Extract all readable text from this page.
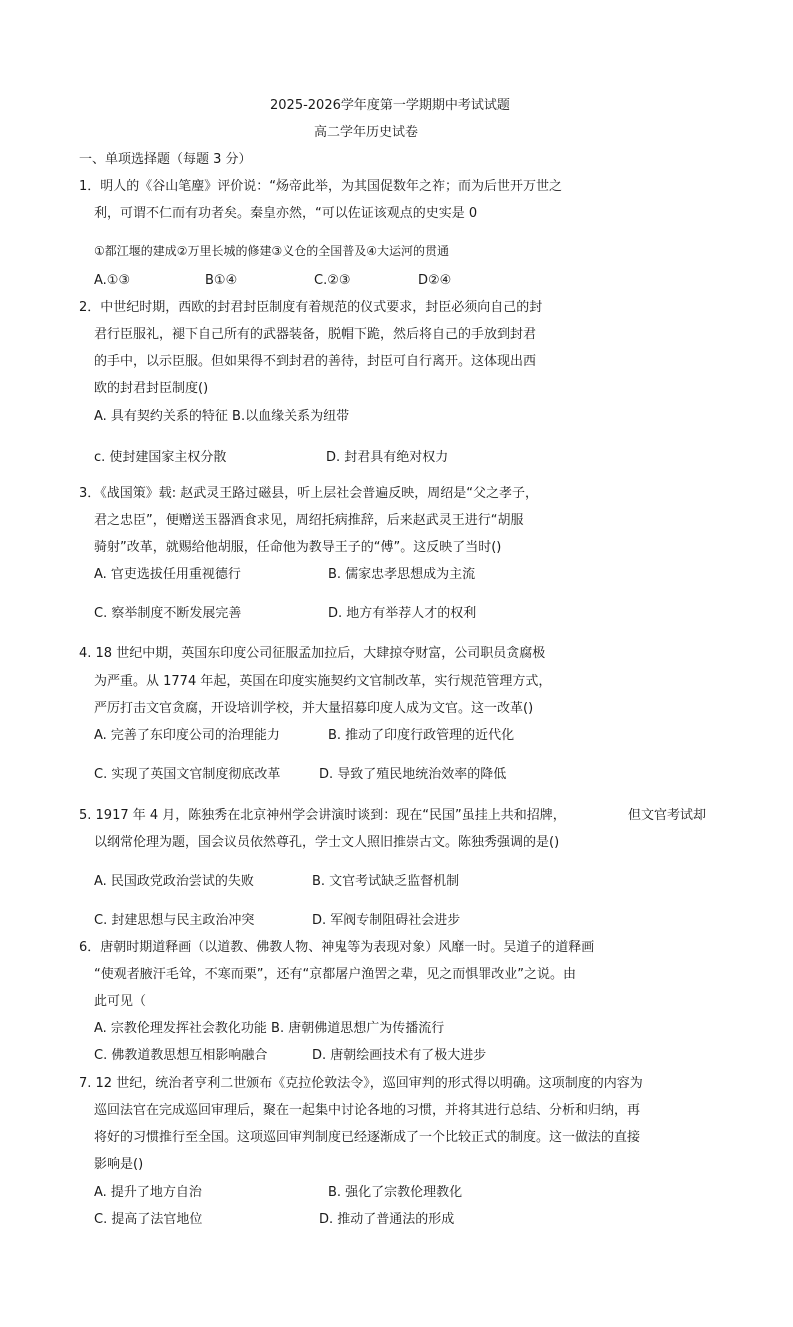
2025-2026学年度第一学期期中考试试题
高二学年历史试卷
一、单项选择题（每题 3 分）
1．明人的《谷山笔麈》评价说：“炀帝此举，为其国促数年之祚；而为后世开万世之
利，可谓不仁而有功者矣。秦皇亦然，“可以佐证该观点的史实是 0
①都江堰的建成②万里长城的修建③义仓的全国普及④大运河的贯通
A.①③	B①④	C.②③	D②④
2．中世纪时期，西欧的封君封臣制度有着规范的仪式要求，封臣必须向自己的封
君行臣服礼，褪下自己所有的武器装备，脱帽下跪，然后将自己的手放到封君
的手中，以示臣服。但如果得不到封君的善待，封臣可自行离开。这体现出西
欧的封君封臣制度()
A. 具有契约关系的特征 B.以血缘关系为纽带
c. 使封建国家主权分散	D. 封君具有绝对权力
3．《战国策》载: 赵武灵王路过磁县，听上层社会普遍反映，周绍是“父之孝子，
君之忠臣”，便赠送玉器酒食求见，周绍托病推辞，后来赵武灵王进行“胡服
骑射”改革，就赐给他胡服，任命他为教导王子的“傅”。这反映了当时()
A. 官吏选拔任用重视德行	B. 儒家忠孝思想成为主流
C. 察举制度不断发展完善	D. 地方有举荐人才的权利
4. 18 世纪中期，英国东印度公司征服孟加拉后，大肆掠夺财富，公司职员贪腐极
为严重。从 1774 年起，英国在印度实施契约文官制改革，实行规范管理方式，
严厉打击文官贪腐，开设培训学校，并大量招募印度人成为文官。这一改革()
A. 完善了东印度公司的治理能力	B. 推动了印度行政管理的近代化
C. 实现了英国文官制度彻底改革	D. 导致了殖民地统治效率的降低
5. 1917 年 4 月，陈独秀在北京神州学会讲演时谈到：现在“民国”虽挂上共和招牌，	但文官考试却
以纲常伦理为题，国会议员依然尊孔，学士文人照旧推崇古文。陈独秀强调的是()
A. 民国政党政治尝试的失败	B. 文官考试缺乏监督机制
C. 封建思想与民主政治冲突	D. 军阀专制阻碍社会进步
6．唐朝时期道释画（以道教、佛教人物、神鬼等为表现对象）风靡一时。吴道子的道释画
“使观者腋汗毛耸，不寒而栗”，还有“京都屠户渔罟之辈，见之而惧罪改业”之说。由
此可见（
A. 宗教伦理发挥社会教化功能 B. 唐朝佛道思想广为传播流行
C. 佛教道教思想互相影响融合	D. 唐朝绘画技术有了极大进步
7. 12 世纪，统治者亨利二世颁布《克拉伦敦法令》，巡回审判的形式得以明确。这项制度的内容为
巡回法官在完成巡回审理后，聚在一起集中讨论各地的习惯，并将其进行总结、分析和归纳，再
将好的习惯推行至全国。这项巡回审判制度已经逐渐成了一个比较正式的制度。这一做法的直接
影响是()
A. 提升了地方自治	B. 强化了宗教伦理教化
C. 提高了法官地位	D. 推动了普通法的形成
